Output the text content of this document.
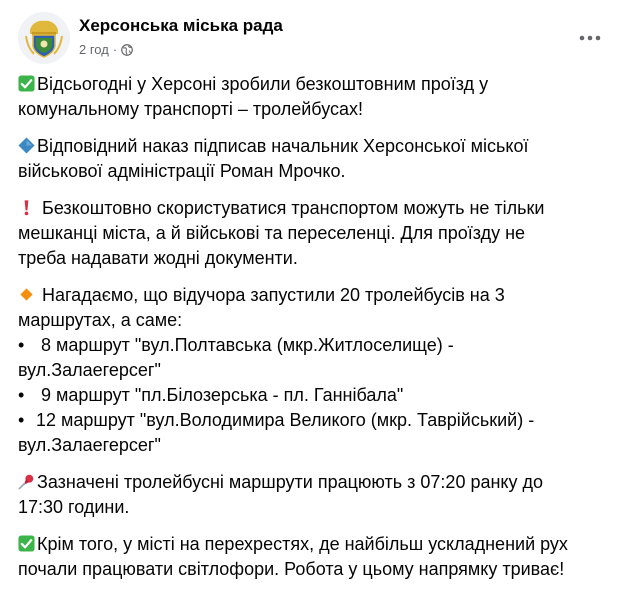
Херсонська міська рада
2 год ·
Відсьогодні у Херсоні зробили безкоштовним проїзд у
комунальному транспорті – тролейбусах!
Відповідний наказ підписав начальник Херсонської міської
військової адміністрації Роман Мрочко.
Безкоштовно скористуватися транспортом можуть не тільки
мешканці міста, а й військові та переселенці. Для проїзду не
треба надавати жодні документи.
Нагадаємо, що відучора запустили 20 тролейбусів на 3
маршрутах, а саме:
• 8 маршрут "вул.Полтавська (мкр.Житлоселище) -
вул.Залаегерсег"
• 9 маршрут "пл.Білозерська - пл. Ганнібала"
• 12 маршрут "вул.Володимира Великого (мкр. Таврійський) -
вул.Залаегерсег"
Зазначені тролейбусні маршрути працюють з 07:20 ранку до
17:30 години.
Крім того, у місті на перехрестях, де найбільш ускладнений рух
почали працювати світлофори. Робота у цьому напрямку триває!
